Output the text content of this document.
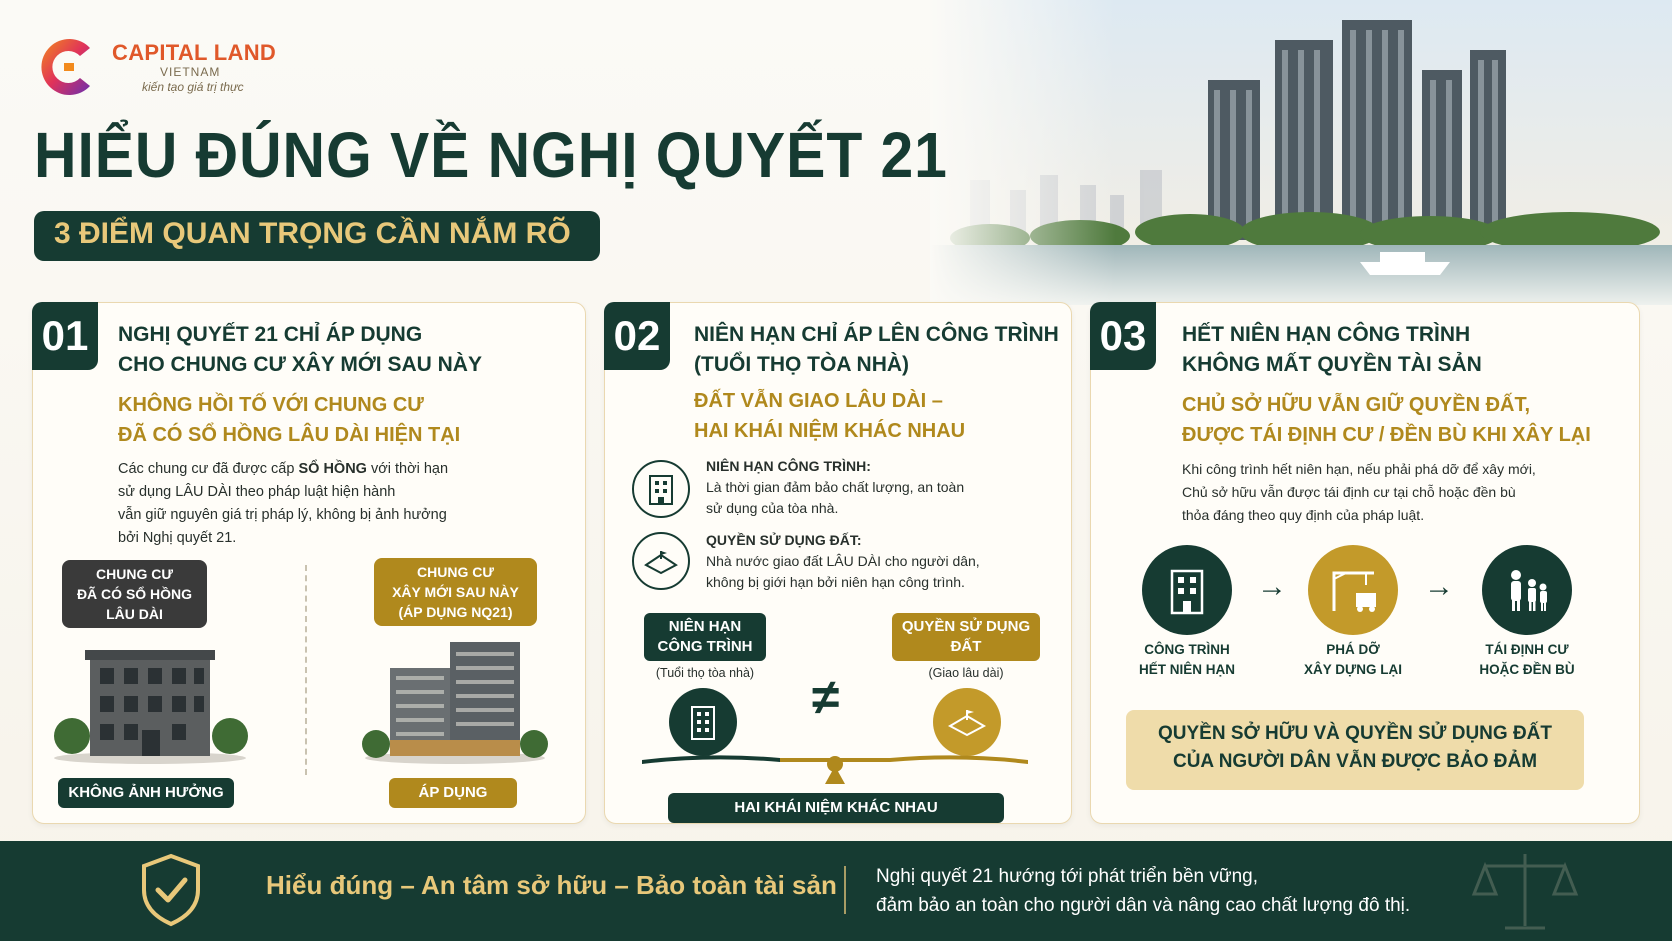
CAPITAL LAND
VIETNAM
kiến tạo giá trị thực
HIỂU ĐÚNG VỀ NGHỊ QUYẾT 21
3 ĐIỂM QUAN TRỌNG CẦN NẮM RÕ
01	NGHỊ QUYẾT 21 CHỈ ÁP DỤNG
CHO CHUNG CƯ XÂY MỚI SAU NÀY
KHÔNG HỒI TỐ VỚI CHUNG CƯ
ĐÃ CÓ SỔ HỒNG LÂU DÀI HIỆN TẠI
Các chung cư đã được cấp SỔ HỒNG với thời hạn
sử dụng LÂU DÀI theo pháp luật hiện hành
vẫn giữ nguyên giá trị pháp lý, không bị ảnh hưởng
bởi Nghị quyết 21.
CHUNG CƯ
ĐÃ CÓ SỔ HỒNG
LÂU DÀI
CHUNG CƯ
XÂY MỚI SAU NÀY
(ÁP DỤNG NQ21)
KHÔNG ẢNH HƯỞNG	ÁP DỤNG
02	NIÊN HẠN CHỈ ÁP LÊN CÔNG TRÌNH
(TUỔI THỌ TÒA NHÀ)
ĐẤT VẪN GIAO LÂU DÀI –
HAI KHÁI NIỆM KHÁC NHAU
NIÊN HẠN CÔNG TRÌNH:
Là thời gian đảm bảo chất lượng, an toàn
sử dụng của tòa nhà.
QUYỀN SỬ DỤNG ĐẤT:
Nhà nước giao đất LÂU DÀI cho người dân,
không bị giới hạn bởi niên hạn công trình.
NIÊN HẠN
CÔNG TRÌNH
(Tuổi thọ tòa nhà)
QUYỀN SỬ DỤNG
ĐẤT
(Giao lâu dài)
≠
HAI KHÁI NIỆM KHÁC NHAU
03	HẾT NIÊN HẠN CÔNG TRÌNH
KHÔNG MẤT QUYỀN TÀI SẢN
CHỦ SỞ HỮU VẪN GIỮ QUYỀN ĐẤT,
ĐƯỢC TÁI ĐỊNH CƯ / ĐỀN BÙ KHI XÂY LẠI
Khi công trình hết niên hạn, nếu phải phá dỡ để xây mới,
Chủ sở hữu vẫn được tái định cư tại chỗ hoặc đền bù
thỏa đáng theo quy định của pháp luật.
→	→
CÔNG TRÌNH
HẾT NIÊN HẠN
PHÁ DỠ
XÂY DỰNG LẠI
TÁI ĐỊNH CƯ
HOẶC ĐỀN BÙ
QUYỀN SỞ HỮU VÀ QUYỀN SỬ DỤNG ĐẤT
CỦA NGƯỜI DÂN VẪN ĐƯỢC BẢO ĐẢM
Hiểu đúng – An tâm sở hữu – Bảo toàn tài sản Nghị quyết 21 hướng tới phát triển bền vững,
đảm bảo an toàn cho người dân và nâng cao chất lượng đô thị.
